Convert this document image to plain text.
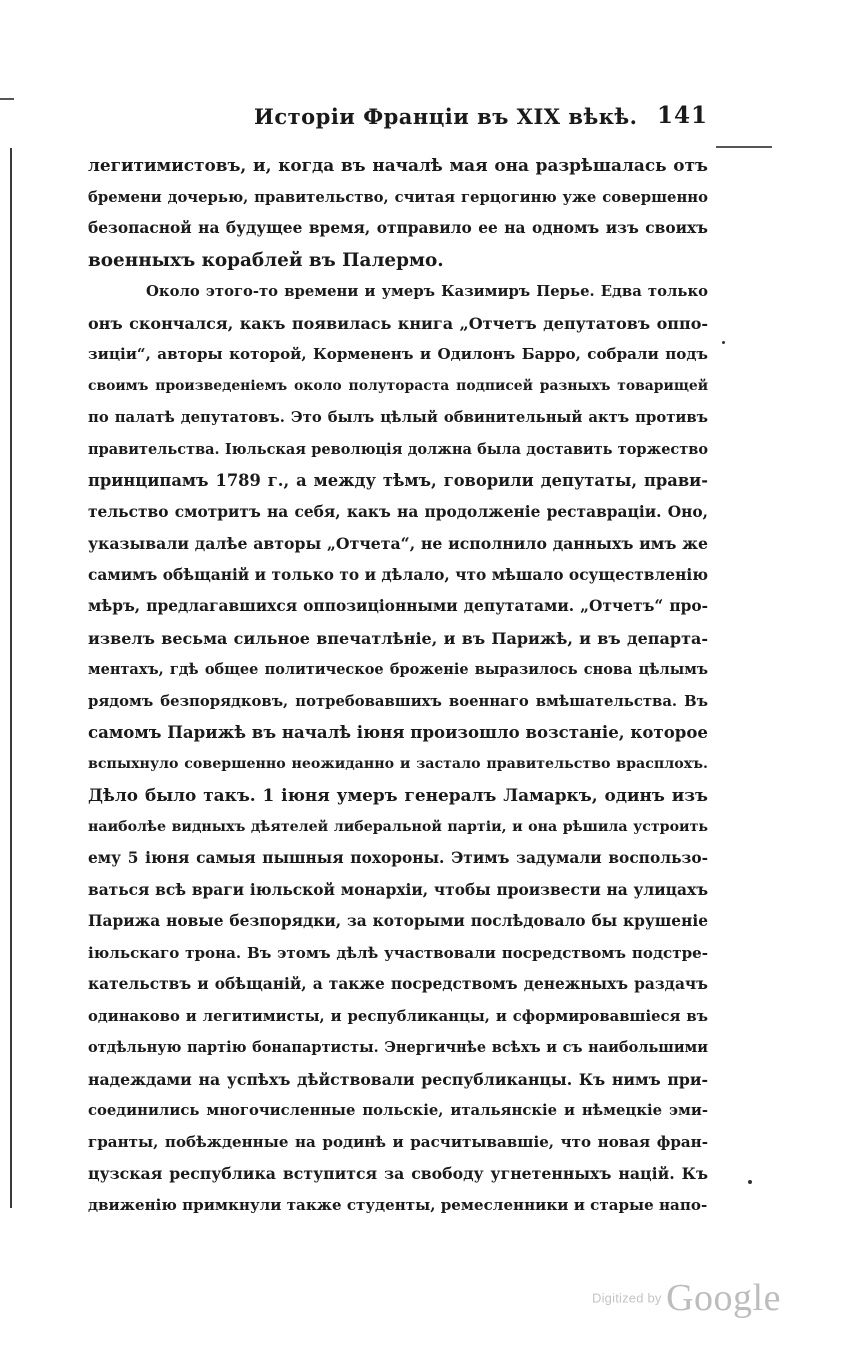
Исторiи Францiи въ XIX вѣкѣ. 141
легитимистовъ, и, когда въ началѣ мая она разрѣшалась отъ
бремени дочерью, правительство, считая герцогиню уже совершенно
безопасной на будущее время, отправило ее на одномъ изъ своихъ
военныхъ кораблей въ Палермо.
Около этого-то времени и умеръ Казимиръ Перье. Едва только
онъ скончался, какъ появилась книга „Отчетъ депутатовъ оппо-
зицiи“, авторы которой, Кормененъ и Одилонъ Барро, собрали подъ
своимъ произведенiемъ около полутораста подписей разныхъ товарищей
по палатѣ депутатовъ. Это былъ цѣлый обвинительный актъ противъ
правительства. Iюльская революцiя должна была доставить торжество
принципамъ 1789 г., а между тѣмъ, говорили депутаты, прави-
тельство смотритъ на себя, какъ на продолженiе реставрацiи. Оно,
указывали далѣе авторы „Отчета“, не исполнило данныхъ имъ же
самимъ обѣщанiй и только то и дѣлало, что мѣшало осуществленiю
мѣръ, предлагавшихся оппозицiонными депутатами. „Отчетъ“ про-
извелъ весьма сильное впечатлѣнiе, и въ Парижѣ, и въ департа-
ментахъ, гдѣ общее политическое броженiе выразилось снова цѣлымъ
рядомъ безпорядковъ, потребовавшихъ военнаго вмѣшательства. Въ
самомъ Парижѣ въ началѣ iюня произошло возстанiе, которое
вспыхнуло совершенно неожиданно и застало правительство врасплохъ.
Дѣло было такъ. 1 iюня умеръ генералъ Ламаркъ, одинъ изъ
наиболѣе видныхъ дѣятелей либеральной партiи, и она рѣшила устроить
ему 5 iюня самыя пышныя похороны. Этимъ задумали воспользо-
ваться всѣ враги iюльской монархiи, чтобы произвести на улицахъ
Парижа новые безпорядки, за которыми послѣдовало бы крушенiе
iюльскаго трона. Въ этомъ дѣлѣ участвовали посредствомъ подстре-
кательствъ и обѣщанiй, а также посредствомъ денежныхъ раздачъ
одинаково и легитимисты, и республиканцы, и сформировавшiеся въ
отдѣльную партiю бонапартисты. Энергичнѣе всѣхъ и съ наибольшими
надеждами на успѣхъ дѣйствовали республиканцы. Къ нимъ при-
соединились многочисленные польскiе, итальянскiе и нѣмецкiе эми-
гранты, побѣжденные на родинѣ и расчитывавшiе, что новая фран-
цузская республика вступится за свободу угнетенныхъ нацiй. Къ
движенiю примкнули также студенты, ремесленники и старые напо-
Digitized by Google
